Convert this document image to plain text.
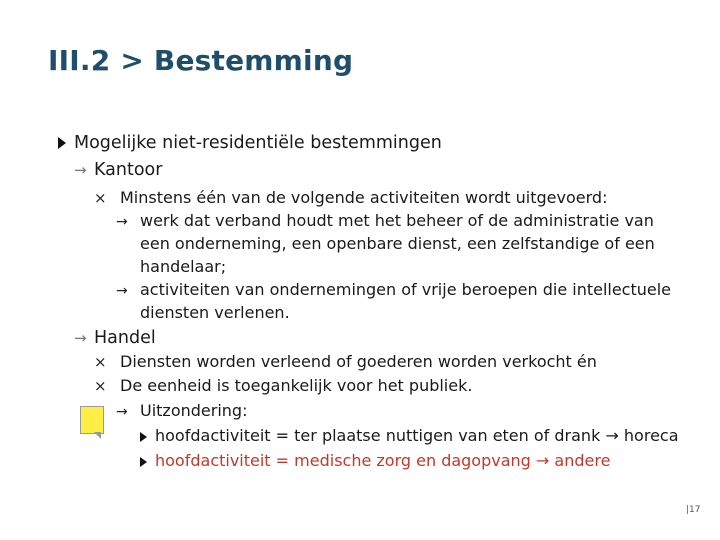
III.2 > Bestemming
Mogelijke niet-residentiële bestemmingen
→ Kantoor
× Minstens één van de volgende activiteiten wordt uitgevoerd:
→ werk dat verband houdt met het beheer of de administratie van
een onderneming, een openbare dienst, een zelfstandige of een
handelaar;
→ activiteiten van ondernemingen of vrije beroepen die intellectuele
diensten verlenen.
→ Handel
× Diensten worden verleend of goederen worden verkocht én
× De eenheid is toegankelijk voor het publiek.
→ Uitzondering:
hoofdactiviteit = ter plaatse nuttigen van eten of drank → horeca
hoofdactiviteit = medische zorg en dagopvang → andere
|17
